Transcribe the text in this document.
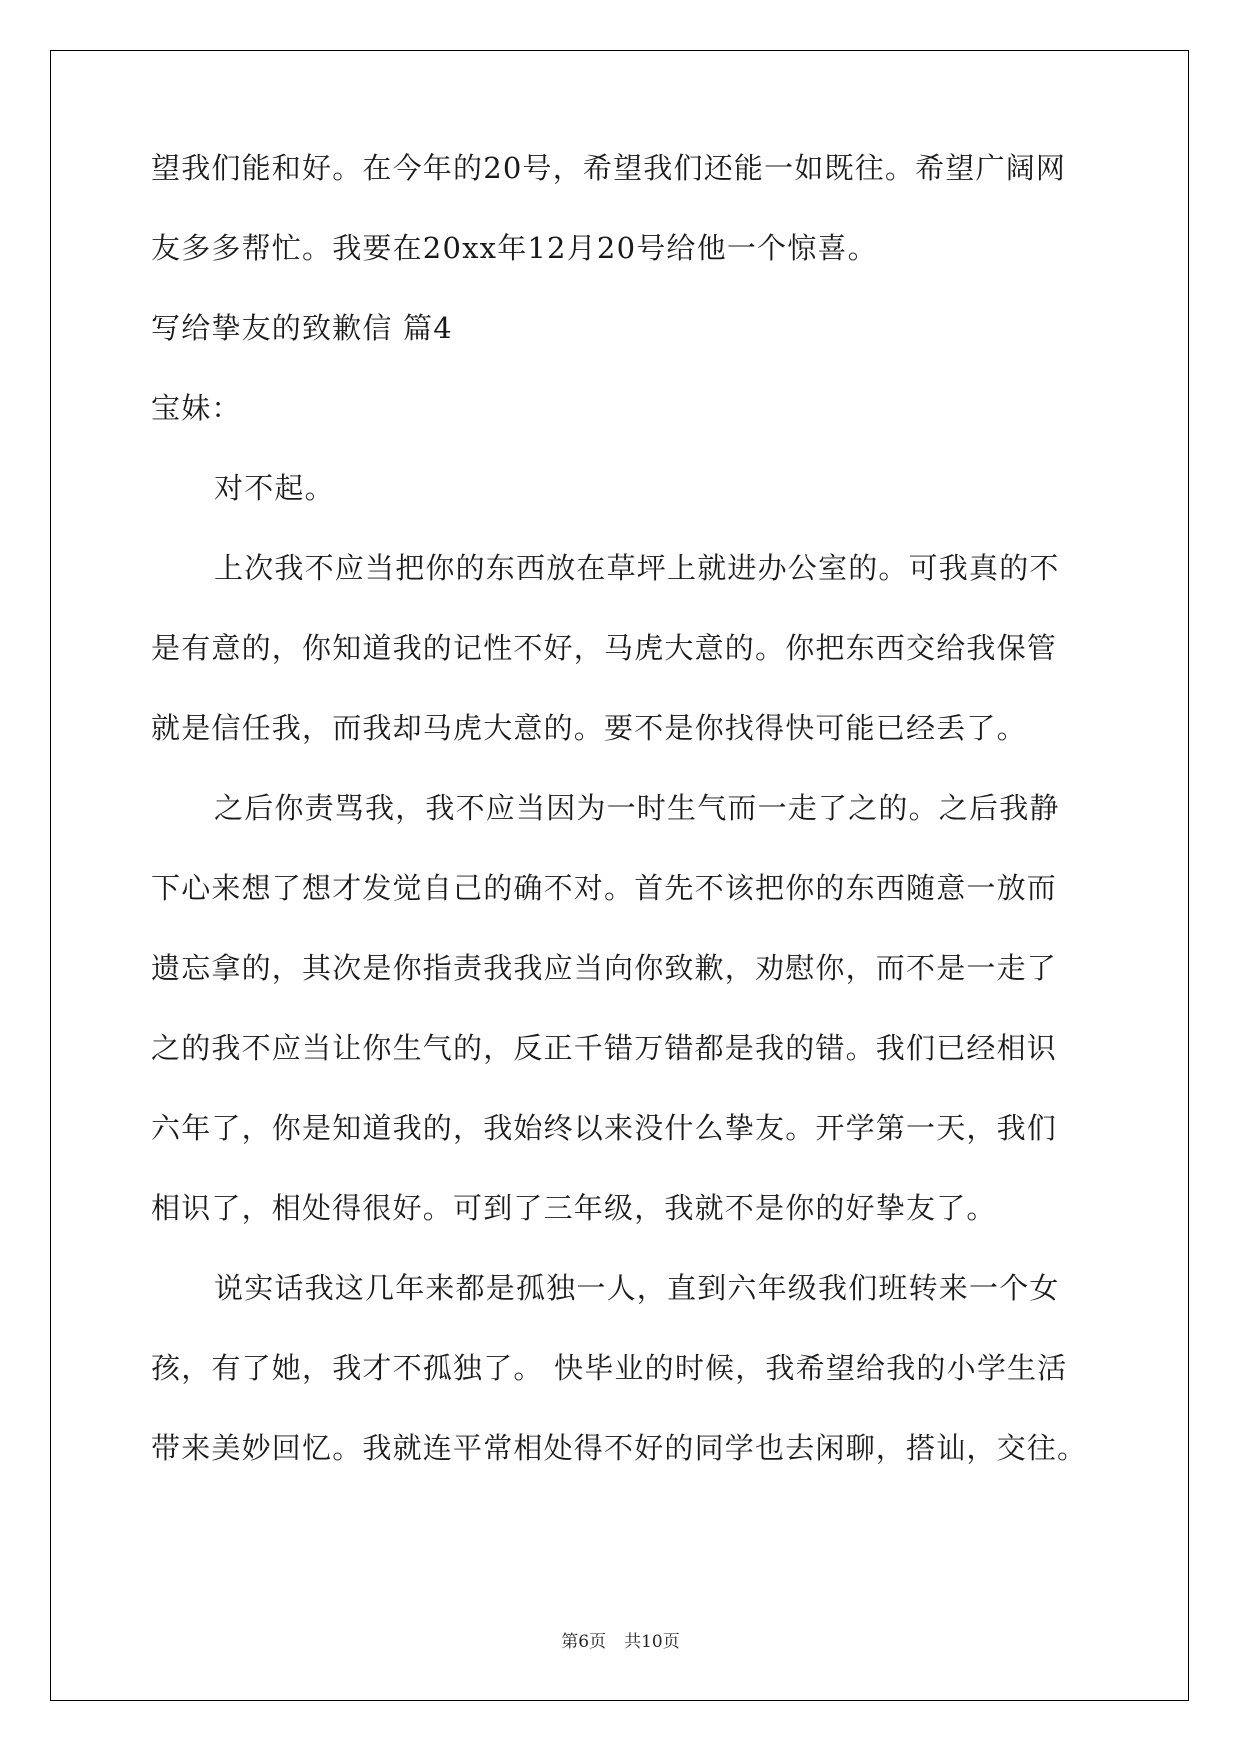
望我们能和好。在今年的20号，希望我们还能一如既往。希望广阔网
友多多帮忙。我要在20xx年12月20号给他一个惊喜。
写给挚友的致歉信 篇4
宝妹：
对不起。
上次我不应当把你的东西放在草坪上就进办公室的。可我真的不
是有意的，你知道我的记性不好，马虎大意的。你把东西交给我保管
就是信任我，而我却马虎大意的。要不是你找得快可能已经丢了。
之后你责骂我，我不应当因为一时生气而一走了之的。之后我静
下心来想了想才发觉自己的确不对。首先不该把你的东西随意一放而
遗忘拿的，其次是你指责我我应当向你致歉，劝慰你，而不是一走了
之的我不应当让你生气的，反正千错万错都是我的错。我们已经相识
六年了，你是知道我的，我始终以来没什么挚友。开学第一天，我们
相识了，相处得很好。可到了三年级，我就不是你的好挚友了。
说实话我这几年来都是孤独一人，直到六年级我们班转来一个女
孩，有了她，我才不孤独了。 快毕业的时候，我希望给我的小学生活
带来美妙回忆。我就连平常相处得不好的同学也去闲聊，搭讪，交往。
第6页 共10页
